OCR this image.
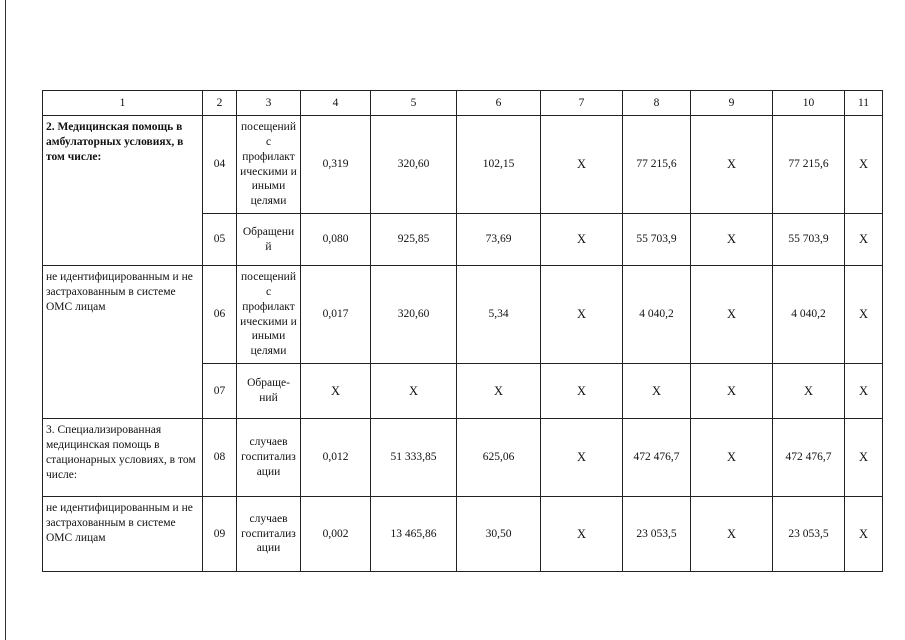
1	2	3	4	5	6	7	8	9	10	11
2. Медицинская помощь в амбулаторных условиях, в том числе:	04	посещений с профилакт ическими и иными целями	0,319	320,60	102,15	Х	77 215,6	Х	77 215,6	Х
	05	Обращени й	0,080	925,85	73,69	Х	55 703,9	Х	55 703,9	Х
не идентифицированным и не застрахованным в системе ОМС лицам	06	посещений с профилакт ическими и иными целями	0,017	320,60	5,34	Х	4 040,2	Х	4 040,2	Х
	07	Обраще- ний	Х	Х	Х	Х	Х	Х	Х	Х
3. Специализированная медицинская помощь в стационарных условиях, в том числе:	08	случаев госпитализ ации	0,012	51 333,85	625,06	Х	472 476,7	Х	472 476,7	Х
не идентифицированным и не застрахованным в системе ОМС лицам	09	случаев госпитализ ации	0,002	13 465,86	30,50	Х	23 053,5	Х	23 053,5	Х
